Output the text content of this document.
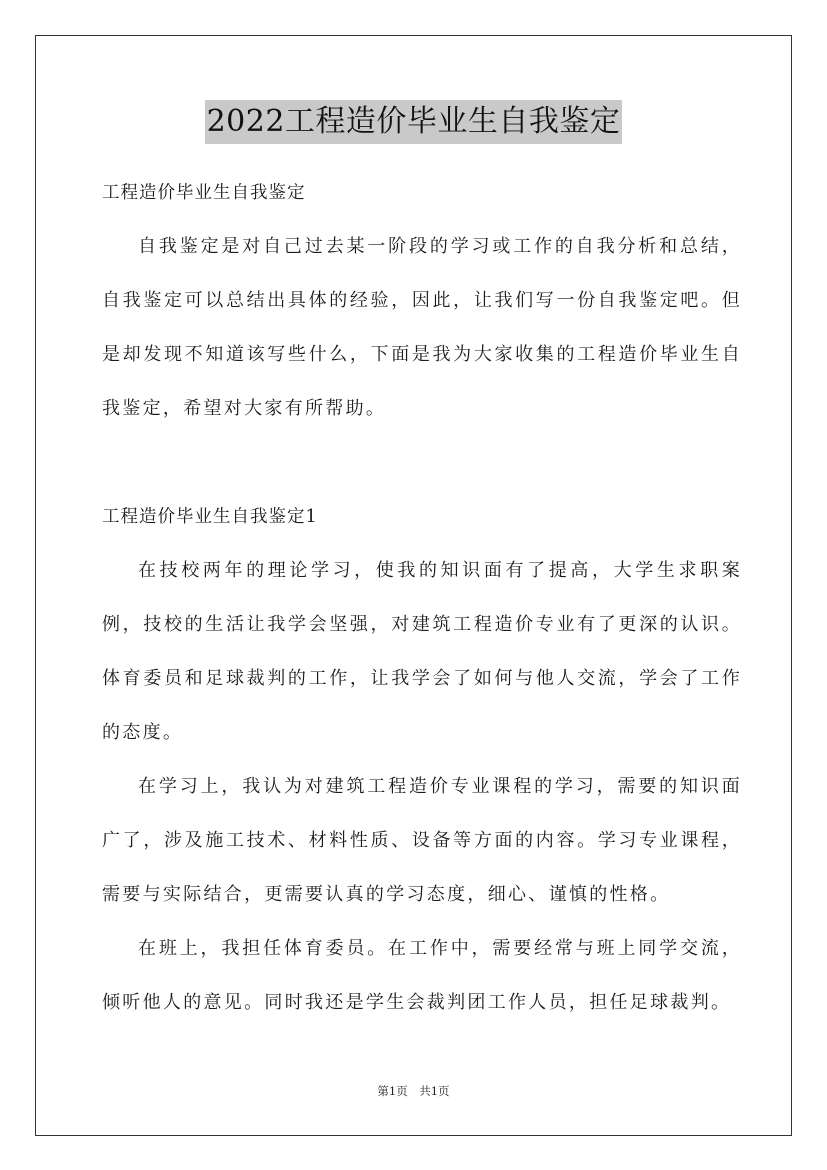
2022工程造价毕业生自我鉴定

工程造价毕业生自我鉴定

自我鉴定是对自己过去某一阶段的学习或工作的自我分析和总结，自我鉴定可以总结出具体的经验，因此，让我们写一份自我鉴定吧。但是却发现不知道该写些什么，下面是我为大家收集的工程造价毕业生自我鉴定，希望对大家有所帮助。

工程造价毕业生自我鉴定1

在技校两年的理论学习，使我的知识面有了提高，大学生求职案例，技校的生活让我学会坚强，对建筑工程造价专业有了更深的认识。体育委员和足球裁判的工作，让我学会了如何与他人交流，学会了工作的态度。

在学习上，我认为对建筑工程造价专业课程的学习，需要的知识面广了，涉及施工技术、材料性质、设备等方面的内容。学习专业课程，需要与实际结合，更需要认真的学习态度，细心、谨慎的性格。

在班上，我担任体育委员。在工作中，需要经常与班上同学交流，倾听他人的意见。同时我还是学生会裁判团工作人员，担任足球裁判。

第1页　共1页
